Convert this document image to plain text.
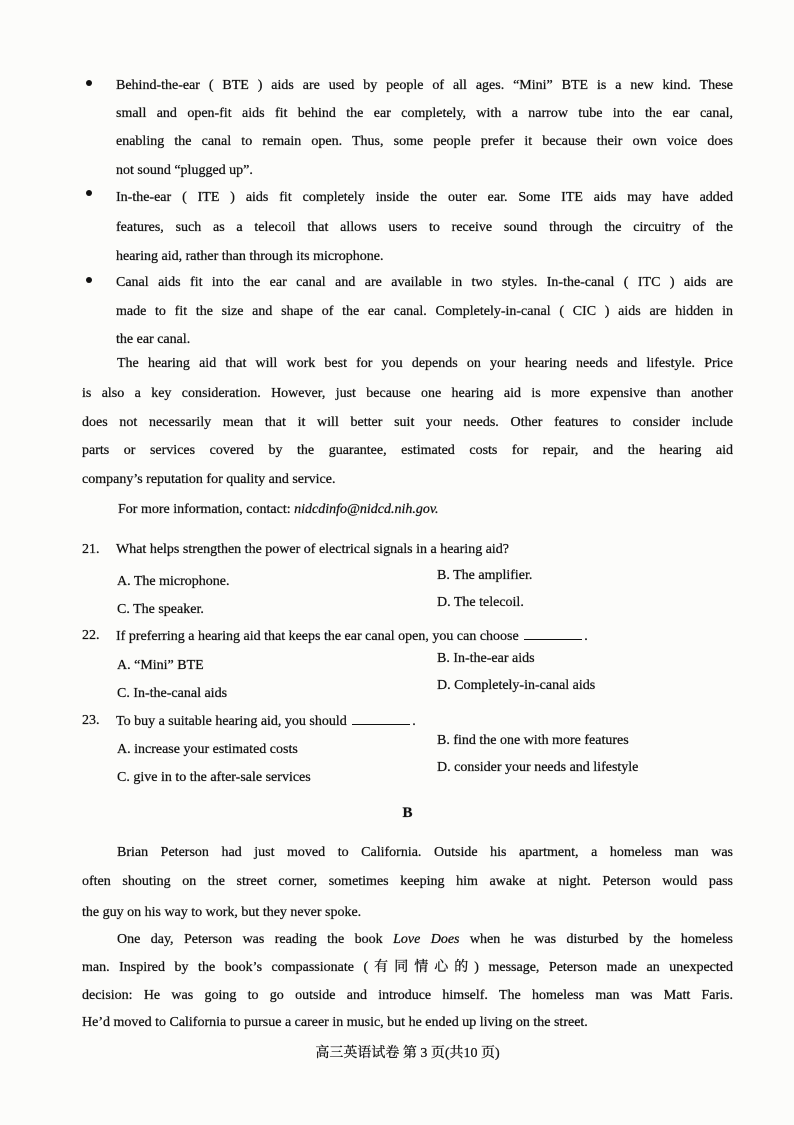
Behind-the-ear ( BTE ) aids are used by people of all ages. “Mini” BTE is a new kind. These
small and open-fit aids fit behind the ear completely, with a narrow tube into the ear canal,
enabling the canal to remain open. Thus, some people prefer it because their own voice does
not sound “plugged up”.
In-the-ear ( ITE ) aids fit completely inside the outer ear. Some ITE aids may have added
features, such as a telecoil that allows users to receive sound through the circuitry of the
hearing aid, rather than through its microphone.
Canal aids fit into the ear canal and are available in two styles. In-the-canal ( ITC ) aids are
made to fit the size and shape of the ear canal. Completely-in-canal ( CIC ) aids are hidden in
the ear canal.
The hearing aid that will work best for you depends on your hearing needs and lifestyle. Price
is also a key consideration. However, just because one hearing aid is more expensive than another
does not necessarily mean that it will better suit your needs. Other features to consider include
parts or services covered by the guarantee, estimated costs for repair, and the hearing aid
company’s reputation for quality and service.
For more information, contact: nidcdinfo@nidcd.nih.gov.
21. What helps strengthen the power of electrical signals in a hearing aid?
A. The microphone.	B. The amplifier.
C. The speaker.	D. The telecoil.
22. If preferring a hearing aid that keeps the ear canal open, you can choose	.
A. “Mini” BTE	B. In-the-ear aids
C. In-the-canal aids
D. Completely-in-canal aids
23. To buy a suitable hearing aid, you should	.
A. increase your estimated costs
B. find the one with more features
C. give in to the after-sale services
D. consider your needs and lifestyle
B
Brian Peterson had just moved to California. Outside his apartment, a homeless man was
often shouting on the street corner, sometimes keeping him awake at night. Peterson would pass
the guy on his way to work, but they never spoke.
One day, Peterson was reading the book Love Does when he was disturbed by the homeless
man. Inspired by the book’s compassionate (有同情心的) message, Peterson made an unexpected
decision: He was going to go outside and introduce himself. The homeless man was Matt Faris.
He’d moved to California to pursue a career in music, but he ended up living on the street.
高三英语试卷 第 3 页(共10 页)
